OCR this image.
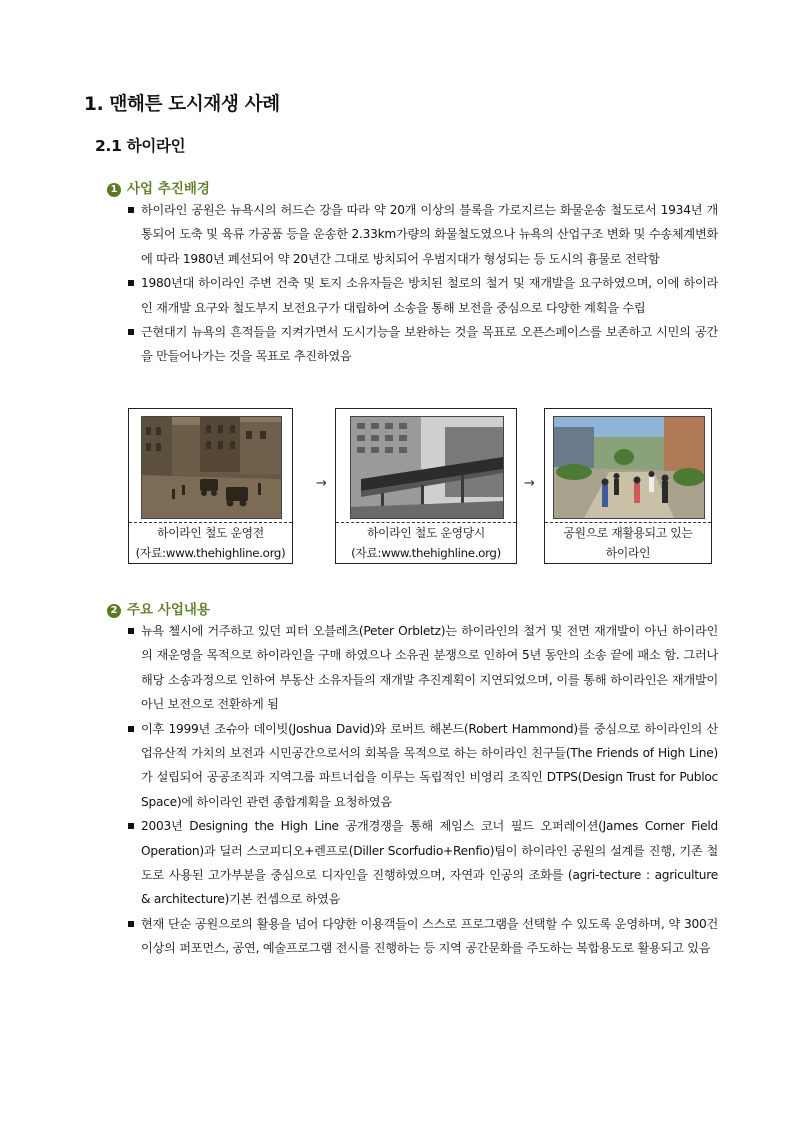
1. 맨해튼 도시재생 사례
2.1 하이라인
1 사업 추진배경
하이라인 공원은 뉴욕시의 허드슨 강을 따라 약 20개 이상의 블록을 가로지르는 화물운송 철도로서 1934년 개통되어 도축 및 육류 가공품 등을 운송한 2.33km가량의 화물철도였으나 뉴욕의 산업구조 변화 및 수송체계변화에 따라 1980년 폐선되어 약 20년간 그대로 방치되어 우범지대가 형성되는 등 도시의 흉물로 전락함
1980년대 하이라인 주변 건축 및 토지 소유자들은 방치된 철로의 철거 및 재개발을 요구하였으며, 이에 하이라인 재개발 요구와 철도부지 보전요구가 대립하여 소송을 통해 보전을 중심으로 다양한 계획을 수립
근현대기 뉴욕의 흔적들을 지켜가면서 도시기능을 보완하는 것을 목표로 오픈스페이스를 보존하고 시민의 공간을 만들어나가는 것을 목표로 추진하였음
하이라인 철도 운영전
(자료:www.thehighline.org)
→
하이라인 철도 운영당시
(자료:www.thehighline.org)
→
공원으로 재활용되고 있는
하이라인
2 주요 사업내용
뉴욕 첼시에 거주하고 있던 피터 오블레츠(Peter Orbletz)는 하이라인의 철거 및 전면 재개발이 아닌 하이라인의 재운영을 목적으로 하이라인을 구매 하였으나 소유권 분쟁으로 인하여 5년 동안의 소송 끝에 패소 함. 그러나 해당 소송과정으로 인하여 부동산 소유자들의 재개발 추진계획이 지연되었으며, 이를 통해 하이라인은 재개발이 아닌 보전으로 전환하게 됨
이후 1999년 조슈아 데이빗(Joshua David)와 로버트 해본드(Robert Hammond)를 중심으로 하이라인의 산업유산적 가치의 보전과 시민공간으로서의 회복을 목적으로 하는 하이라인 친구들(The Friends of High Line)가 설립되어 공공조직과 지역그룹 파트너쉽을 이루는 독립적인 비영리 조직인 DTPS(Design Trust for Publoc Space)에 하이라인 관련 종합계획을 요청하였음
2003년 Designing the High Line 공개경쟁을 통해 제임스 코너 필드 오퍼레이션(James Corner Field Operation)과 딜러 스코피디오+렌프로(Diller Scorfudio+Renfio)팀이 하이라인 공원의 설계를 진행, 기존 철도로 사용된 고가부분을 중심으로 디자인을 진행하였으며, 자연과 인공의 조화를 (agri-tecture : agriculture & architecture)기본 컨셉으로 하였음
현재 단순 공원으로의 활용을 넘어 다양한 이용객들이 스스로 프로그램을 선택할 수 있도록 운영하며, 약 300건 이상의 퍼포먼스, 공연, 예술프로그램 전시를 진행하는 등 지역 공간문화를 주도하는 복합용도로 활용되고 있음
